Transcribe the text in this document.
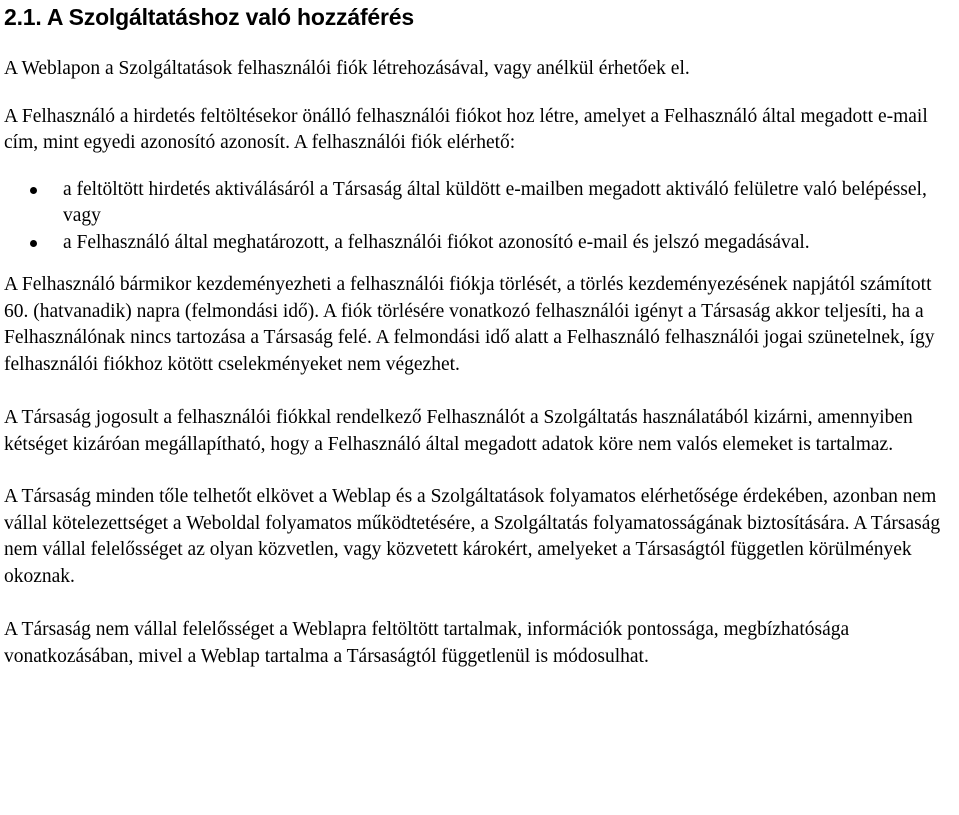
2.1. A Szolgáltatáshoz való hozzáférés

A Weblapon a Szolgáltatások felhasználói fiók létrehozásával, vagy anélkül érhetőek el.

A Felhasználó a hirdetés feltöltésekor önálló felhasználói fiókot hoz létre, amelyet a Felhasználó által megadott e-mail cím, mint egyedi azonosító azonosít. A felhasználói fiók elérhető:

a feltöltött hirdetés aktiválásáról a Társaság által küldött e-mailben megadott aktiváló felületre való belépéssel, vagy
a Felhasználó által meghatározott, a felhasználói fiókot azonosító e-mail és jelszó megadásával.

A Felhasználó bármikor kezdeményezheti a felhasználói fiókja törlését, a törlés kezdeményezésének napjától számított 60. (hatvanadik) napra (felmondási idő). A fiók törlésére vonatkozó felhasználói igényt a Társaság akkor teljesíti, ha a Felhasználónak nincs tartozása a Társaság felé. A felmondási idő alatt a Felhasználó felhasználói jogai szünetelnek, így felhasználói fiókhoz kötött cselekményeket nem végezhet.

A Társaság jogosult a felhasználói fiókkal rendelkező Felhasználót a Szolgáltatás használatából kizárni, amennyiben kétséget kizáróan megállapítható, hogy a Felhasználó által megadott adatok köre nem valós elemeket is tartalmaz.

A Társaság minden tőle telhetőt elkövet a Weblap és a Szolgáltatások folyamatos elérhetősége érdekében, azonban nem vállal kötelezettséget a Weboldal folyamatos működtetésére, a Szolgáltatás folyamatosságának biztosítására. A Társaság nem vállal felelősséget az olyan közvetlen, vagy közvetett károkért, amelyeket a Társaságtól független körülmények okoznak.

A Társaság nem vállal felelősséget a Weblapra feltöltött tartalmak, információk pontossága, megbízhatósága vonatkozásában, mivel a Weblap tartalma a Társaságtól függetlenül is módosulhat.
